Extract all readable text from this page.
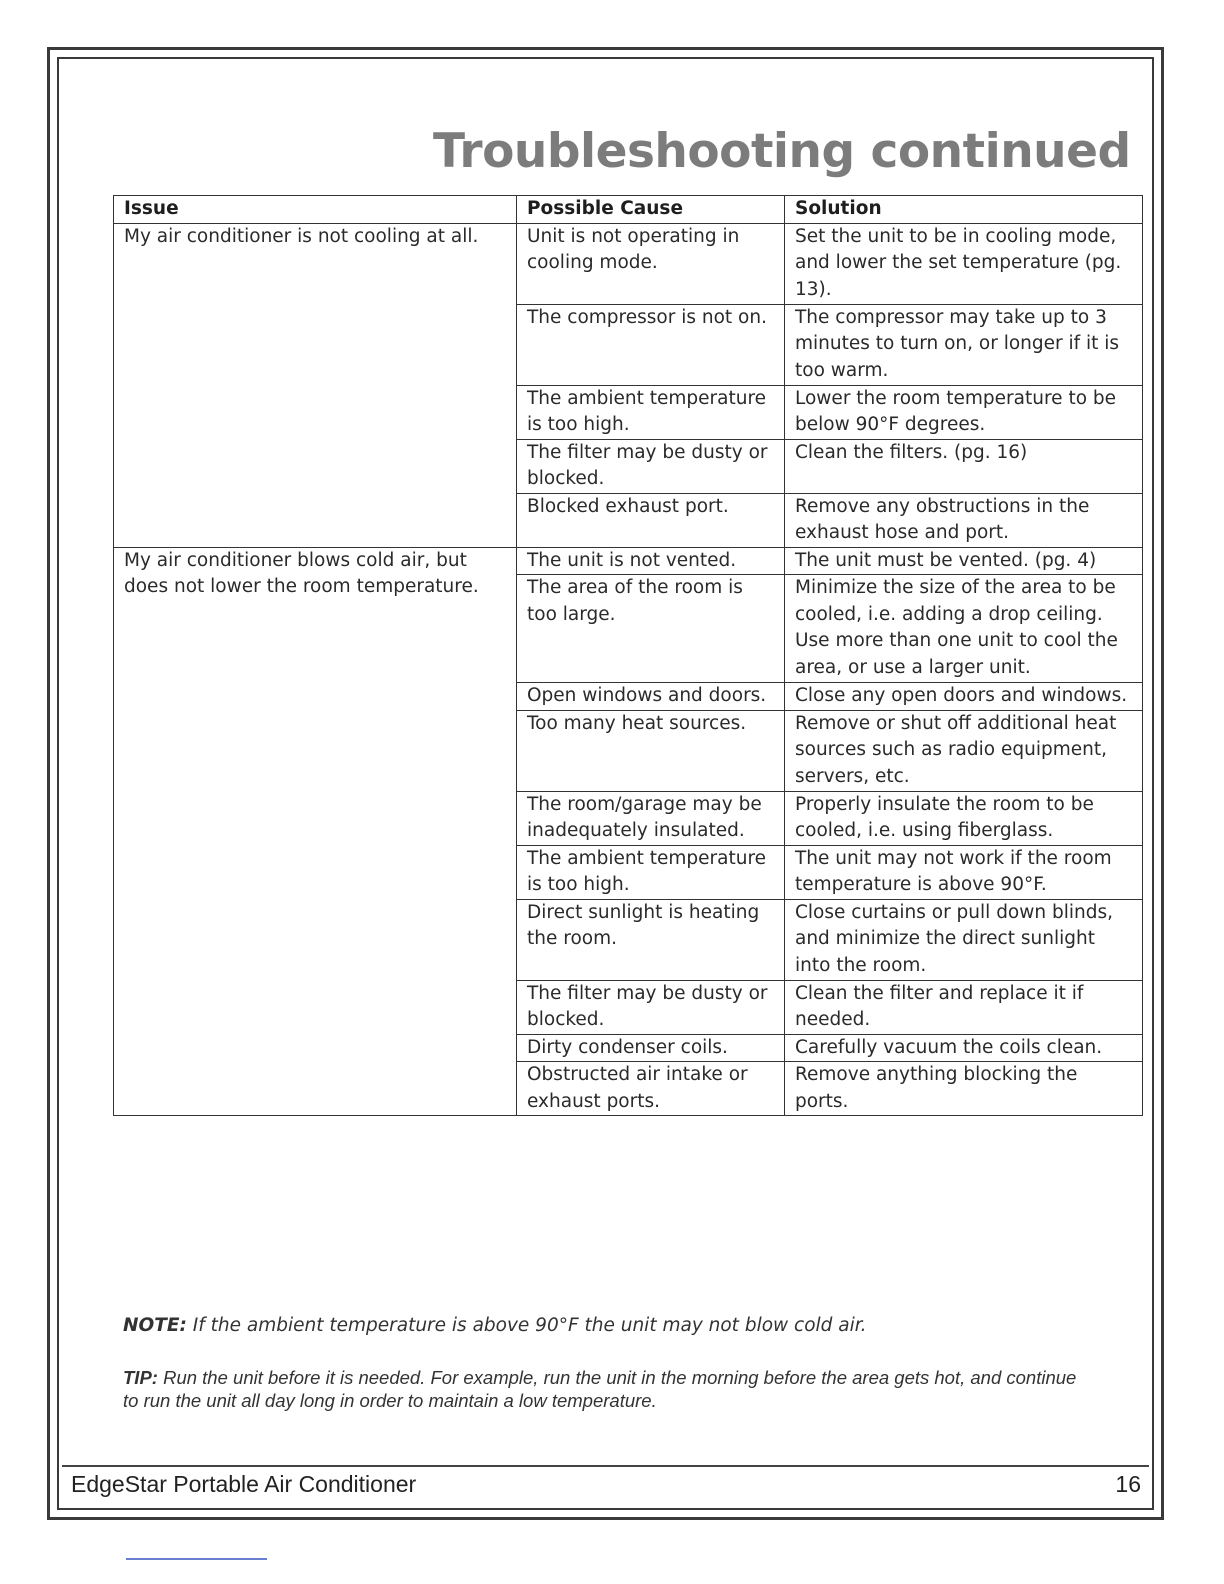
Troubleshooting continued
Issue	Possible Cause	Solution
My air conditioner is not cooling at all.	Unit is not operating in cooling mode.	Set the unit to be in cooling mode, and lower the set temperature (pg. 13).
	The compressor is not on.	The compressor may take up to 3 minutes to turn on, or longer if it is too warm.
	The ambient temperature is too high.	Lower the room temperature to be below 90°F degrees.
	The filter may be dusty or blocked.	Clean the filters. (pg. 16)
	Blocked exhaust port.	Remove any obstructions in the exhaust hose and port.
My air conditioner blows cold air, but does not lower the room temperature.	The unit is not vented.	The unit must be vented. (pg. 4)
	The area of the room is too large.	Minimize the size of the area to be cooled, i.e. adding a drop ceiling. Use more than one unit to cool the area, or use a larger unit.
	Open windows and doors.	Close any open doors and windows.
	Too many heat sources.	Remove or shut off additional heat sources such as radio equipment, servers, etc.
	The room/garage may be inadequately insulated.	Properly insulate the room to be cooled, i.e. using fiberglass.
	The ambient temperature is too high.	The unit may not work if the room temperature is above 90°F.
	Direct sunlight is heating the room.	Close curtains or pull down blinds, and minimize the direct sunlight into the room.
	The filter may be dusty or blocked.	Clean the filter and replace it if needed.
	Dirty condenser coils.	Carefully vacuum the coils clean.
	Obstructed air intake or exhaust ports.	Remove anything blocking the ports.

NOTE: If the ambient temperature is above 90°F the unit may not blow cold air.

TIP: Run the unit before it is needed. For example, run the unit in the morning before the area gets hot, and continue to run the unit all day long in order to maintain a low temperature.

EdgeStar Portable Air Conditioner	16
